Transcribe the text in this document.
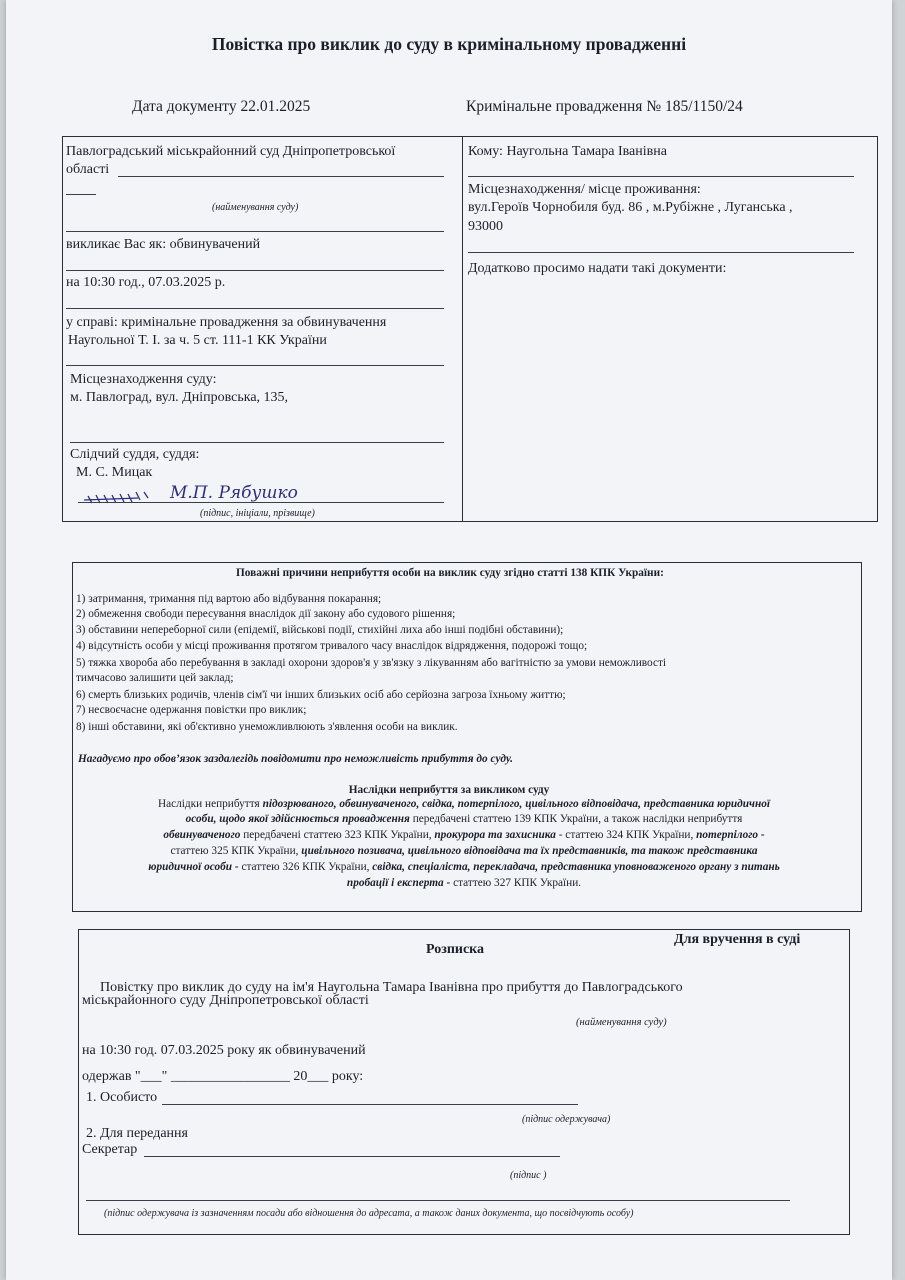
Повістка про виклик до суду в кримінальному провадженні
Дата документу 22.01.2025	Кримінальне провадження № 185/1150/24
Павлоградський міськрайонний суд Дніпропетровської
області
(найменування суду)
викликає Вас як: обвинувачений
на 10:30 год., 07.03.2025 р.
у справі: кримінальне провадження за обвинувачення
Наугольної Т. І. за ч. 5 ст. 111-1 КК України
Місцезнаходження суду:
м. Павлоград, вул. Дніпровська, 135,
Слідчий суддя, суддя:
М. С. Мицак
М.П. Рябушко
(підпис, ініціали, прізвище)
Кому: Наугольна Тамара Іванівна
Місцезнаходження/ місце проживання:
вул.Героїв Чорнобиля буд. 86 , м.Рубіжне , Луганська ,
93000
Додатково просимо надати такі документи:
Поважні причини неприбуття особи на виклик суду згідно статті 138 КПК України:
1) затримання, тримання під вартою або відбування покарання;
2) обмеження свободи пересування внаслідок дії закону або судового рішення;
3) обставини непереборної сили (епідемії, військові події, стихійні лиха або інші подібні обставини);
4) відсутність особи у місці проживання протягом тривалого часу внаслідок відрядження, подорожі тощо;
5) тяжка хвороба або перебування в закладі охорони здоров'я у зв'язку з лікуванням або вагітністю за умови неможливості
тимчасово залишити цей заклад;
6) смерть близьких родичів, членів сім'ї чи інших близьких осіб або серйозна загроза їхньому життю;
7) несвоєчасне одержання повістки про виклик;
8) інші обставини, які об'єктивно унеможливлюють з'явлення особи на виклик.
Нагадуємо про обов’язок заздалегідь повідомити про неможливість прибуття до суду.
Наслідки неприбуття за викликом суду
Наслідки неприбуття підозрюваного, обвинуваченого, свідка, потерпілого, цивільного відповідача, представника юридичної
особи, щодо якої здійснюється провадження передбачені статтею 139 КПК України, а також наслідки неприбуття
обвинуваченого передбачені статтею 323 КПК України, прокурора та захисника - статтею 324 КПК України, потерпілого -
статтею 325 КПК України, цивільного позивача, цивільного відповідача та їх представників, та також представника
юридичної особи - статтею 326 КПК України, свідка, спеціаліста, перекладача, представника уповноваженого органу з питань
пробації і експерта - статтею 327 КПК України.
Для вручення в суді
Розписка
Повістку про виклик до суду на ім'я Наугольна Тамара Іванівна про прибуття до Павлоградського
міськрайонного суду Дніпропетровської області
(найменування суду)
на 10:30 год. 07.03.2025 року як обвинувачений
одержав "___" _________________ 20___ року:
1. Особисто
(підпис одержувача)
2. Для передання
Секретар
(підпис )
(підпис одержувача із зазначенням посади або відношення до адресата, а також даних документа, що посвідчують особу)
